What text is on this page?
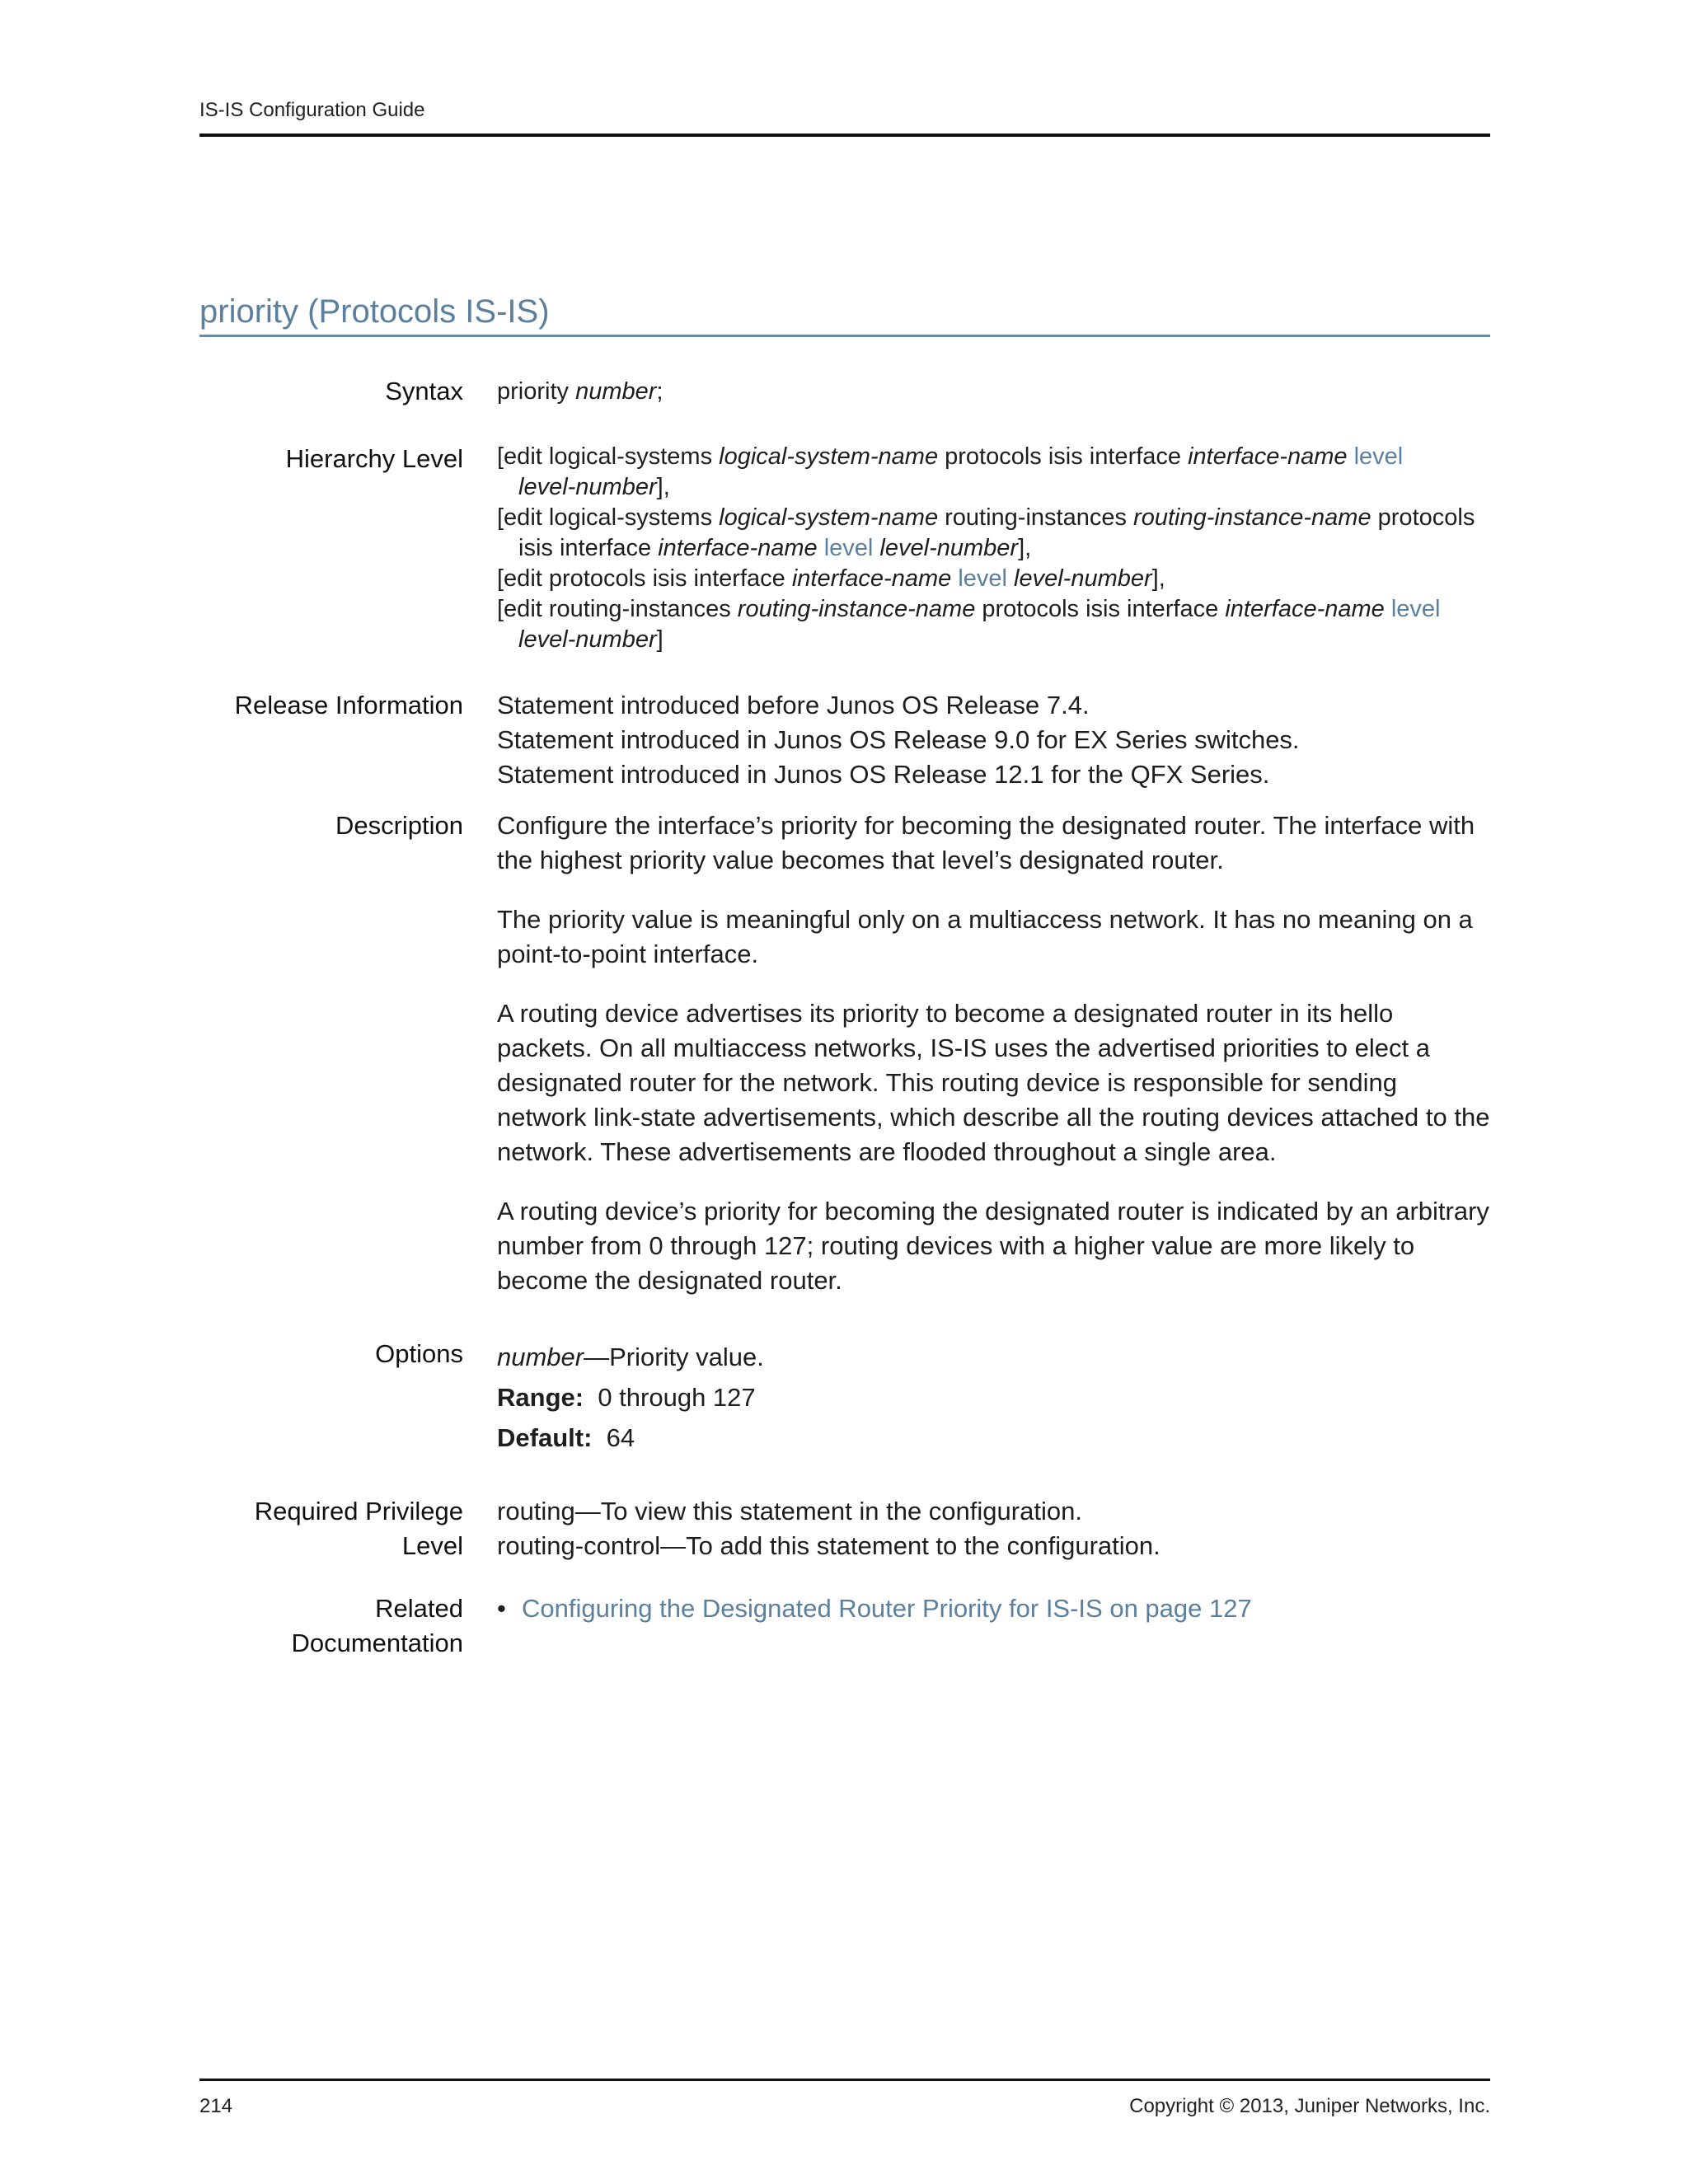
IS-IS Configuration Guide
priority (Protocols IS-IS)
Syntax priority number;
Hierarchy Level [edit logical-systems logical-system-name protocols isis interface interface-name level
level-number],
[edit logical-systems logical-system-name routing-instances routing-instance-name protocols
isis interface interface-name level level-number],
[edit protocols isis interface interface-name level level-number],
[edit routing-instances routing-instance-name protocols isis interface interface-name level
level-number]
Release Information Statement introduced before Junos OS Release 7.4.
Statement introduced in Junos OS Release 9.0 for EX Series switches.
Statement introduced in Junos OS Release 12.1 for the QFX Series.
Description Configure the interface’s priority for becoming the designated router. The interface with the highest priority value becomes that level’s designated router.

The priority value is meaningful only on a multiaccess network. It has no meaning on a point-to-point interface.

A routing device advertises its priority to become a designated router in its hello packets. On all multiaccess networks, IS-IS uses the advertised priorities to elect a designated router for the network. This routing device is responsible for sending network link-state advertisements, which describe all the routing devices attached to the network. These advertisements are flooded throughout a single area.

A routing device’s priority for becoming the designated router is indicated by an arbitrary number from 0 through 127; routing devices with a higher value are more likely to become the designated router.

Options number—Priority value.
Range: 0 through 127
Default: 64
Required Privilege
Level
routing—To view this statement in the configuration.
routing-control—To add this statement to the configuration.
Related
Documentation
• Configuring the Designated Router Priority for IS-IS on page 127
214	Copyright © 2013, Juniper Networks, Inc.
